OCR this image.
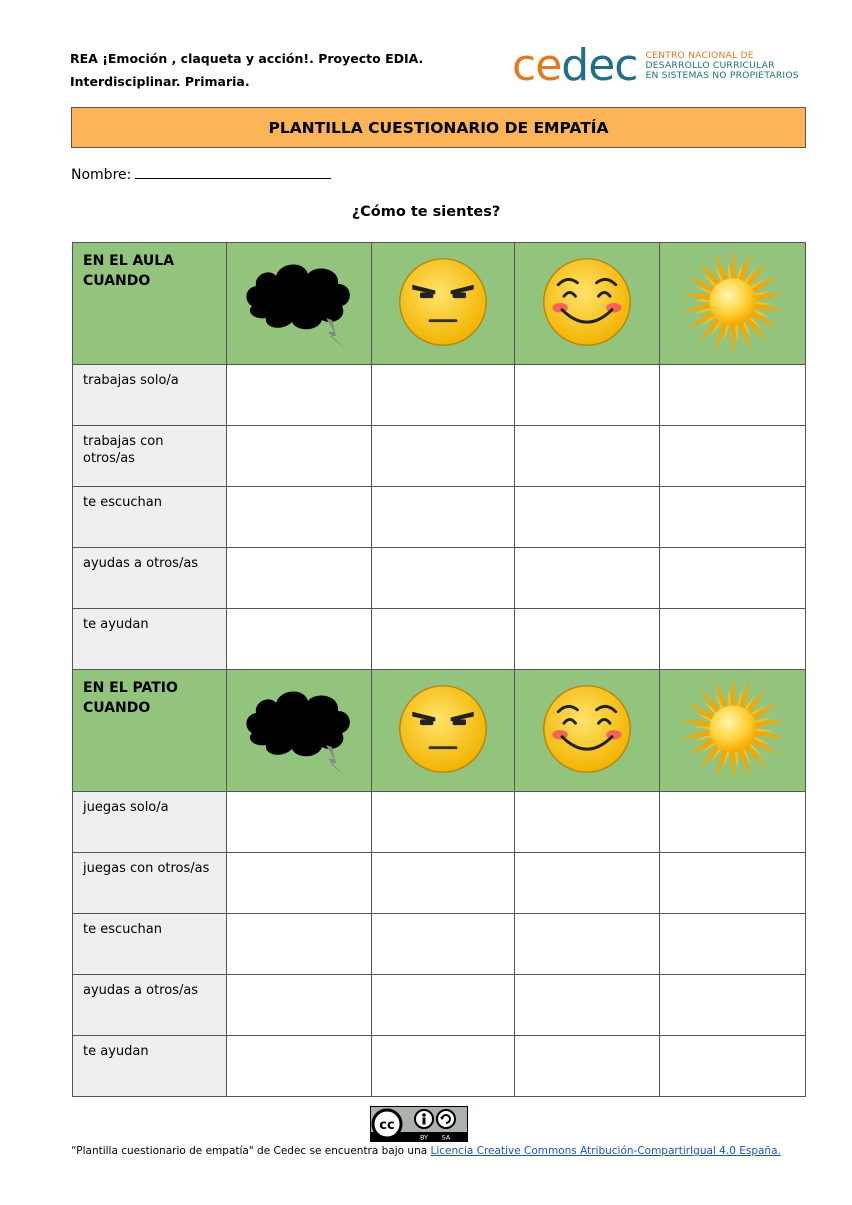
REA ¡Emoción , claqueta y acción!. Proyecto EDIA.
Interdisciplinar. Primaria.	cedec CENTRO NACIONAL DE
DESARROLLO CURRICULAR
EN SISTEMAS NO PROPIETARIOS
PLANTILLA CUESTIONARIO DE EMPATÍA
Nombre:
¿Cómo te sientes?
EN EL AULA CUANDO				
trabajas solo/a				
trabajas con otros/as				
te escuchan				
ayudas a otros/as				
te ayudan				
EN EL PATIO CUANDO				
juegas solo/a				
juegas con otros/as				
te escuchan				
ayudas a otros/as				
te ayudan				
cc
BY SA
“Plantilla cuestionario de empatía" de Cedec se encuentra bajo una Licencia Creative Commons Atribución-CompartirIgual 4.0 España.
